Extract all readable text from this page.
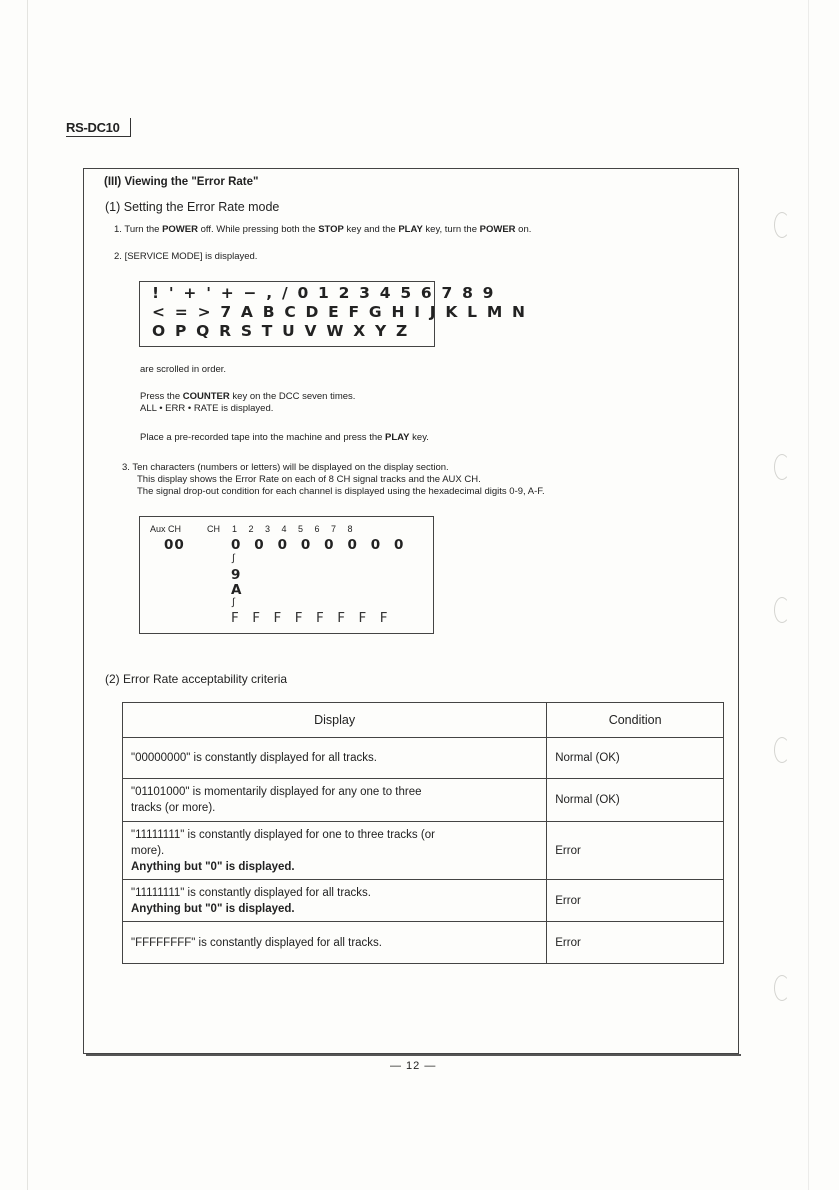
RS-DC10
(III) Viewing the "Error Rate"
(1) Setting the Error Rate mode
1. Turn the POWER off. While pressing both the STOP key and the PLAY key, turn the POWER on.
2. [SERVICE MODE] is displayed.
! ' + ' + − , / 0 1 2 3 4 5 6 7 8 9
< = > 7 A B C D E F G H I J K L M N
O P Q R S T U V W X Y Z
are scrolled in order.
Press the COUNTER key on the DCC seven times.
ALL • ERR • RATE is displayed.
Place a pre-recorded tape into the machine and press the PLAY key.
3. Ten characters (numbers or letters) will be displayed on the display section.
This display shows the Error Rate on each of 8 CH signal tracks and the AUX CH.
The signal drop-out condition for each channel is displayed using the hexadecimal digits 0-9, A-F.
Aux CH	CH 1 2 3 4 5 6 7 8
00	0 0 0 0 0 0 0 0
∫
9
A
∫
F F F F F F F F
(2) Error Rate acceptability criteria
Display	Condition
"00000000" is constantly displayed for all tracks.	Normal (OK)

"01101000" is momentarily displayed for any one to three
tracks (or more).	Normal (OK)

"11111111" is constantly displayed for one to three tracks (or
more).
Anything but "0" is displayed.	Error

"11111111" is constantly displayed for all tracks.
Anything but "0" is displayed.	Error
"FFFFFFFF" is constantly displayed for all tracks.	Error
— 12 —
